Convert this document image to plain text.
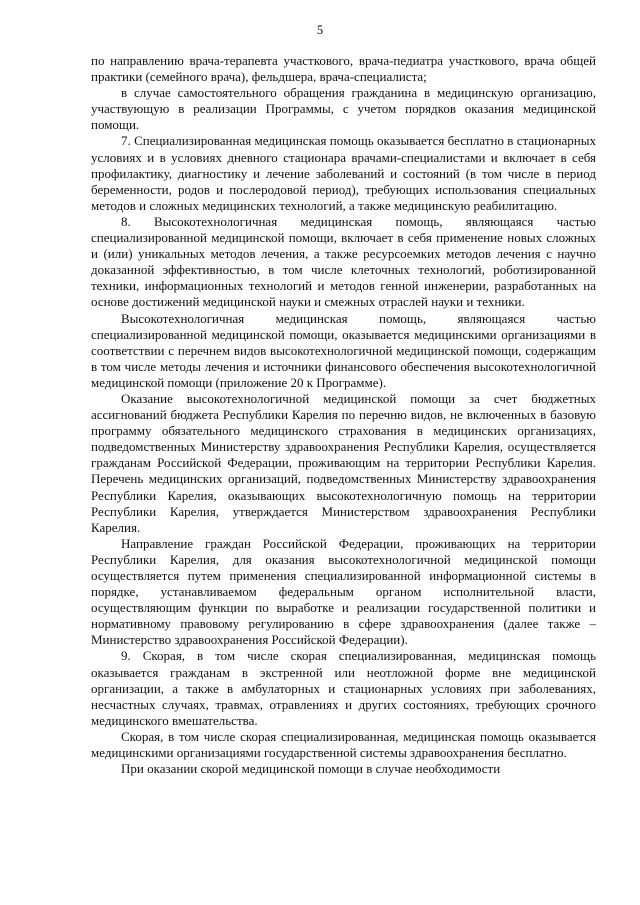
5

по направлению врача-терапевта участкового, врача-педиатра участкового, врача общей практики (семейного врача), фельдшера, врача-специалиста;

в случае самостоятельного обращения гражданина в медицинскую организацию, участвующую в реализации Программы, с учетом порядков оказания медицинской помощи.

7. Специализированная медицинская помощь оказывается бесплатно в стационарных условиях и в условиях дневного стационара врачами-специалистами и включает в себя профилактику, диагностику и лечение заболеваний и состояний (в том числе в период беременности, родов и послеродовой период), требующих использования специальных методов и сложных медицинских технологий, а также медицинскую реабилитацию.

8. Высокотехнологичная медицинская помощь, являющаяся частью специализированной медицинской помощи, включает в себя применение новых сложных и (или) уникальных методов лечения, а также ресурсоемких методов лечения с научно доказанной эффективностью, в том числе клеточных технологий, роботизированной техники, информационных технологий и методов генной инженерии, разработанных на основе достижений медицинской науки и смежных отраслей науки и техники.

Высокотехнологичная медицинская помощь, являющаяся частью специализированной медицинской помощи, оказывается медицинскими организациями в соответствии с перечнем видов высокотехнологичной медицинской помощи, содержащим в том числе методы лечения и источники финансового обеспечения высокотехнологичной медицинской помощи (приложение 20 к Программе).

Оказание высокотехнологичной медицинской помощи за счет бюджетных ассигнований бюджета Республики Карелия по перечню видов, не включенных в базовую программу обязательного медицинского страхования в медицинских организациях, подведомственных Министерству здравоохранения Республики Карелия, осуществляется гражданам Российской Федерации, проживающим на территории Республики Карелия. Перечень медицинских организаций, подведомственных Министерству здравоохранения Республики Карелия, оказывающих высокотехнологичную помощь на территории Республики Карелия, утверждается Министерством здравоохранения Республики Карелия.

Направление граждан Российской Федерации, проживающих на территории Республики Карелия, для оказания высокотехнологичной медицинской помощи осуществляется путем применения специализированной информационной системы в порядке, устанавливаемом федеральным органом исполнительной власти, осуществляющим функции по выработке и реализации государственной политики и нормативному правовому регулированию в сфере здравоохранения (далее также – Министерство здравоохранения Российской Федерации).

9. Скорая, в том числе скорая специализированная, медицинская помощь оказывается гражданам в экстренной или неотложной форме вне медицинской организации, а также в амбулаторных и стационарных условиях при заболеваниях, несчастных случаях, травмах, отравлениях и других состояниях, требующих срочного медицинского вмешательства.

Скорая, в том числе скорая специализированная, медицинская помощь оказывается медицинскими организациями государственной системы здравоохранения бесплатно.

При оказании скорой медицинской помощи в случае необходимости
